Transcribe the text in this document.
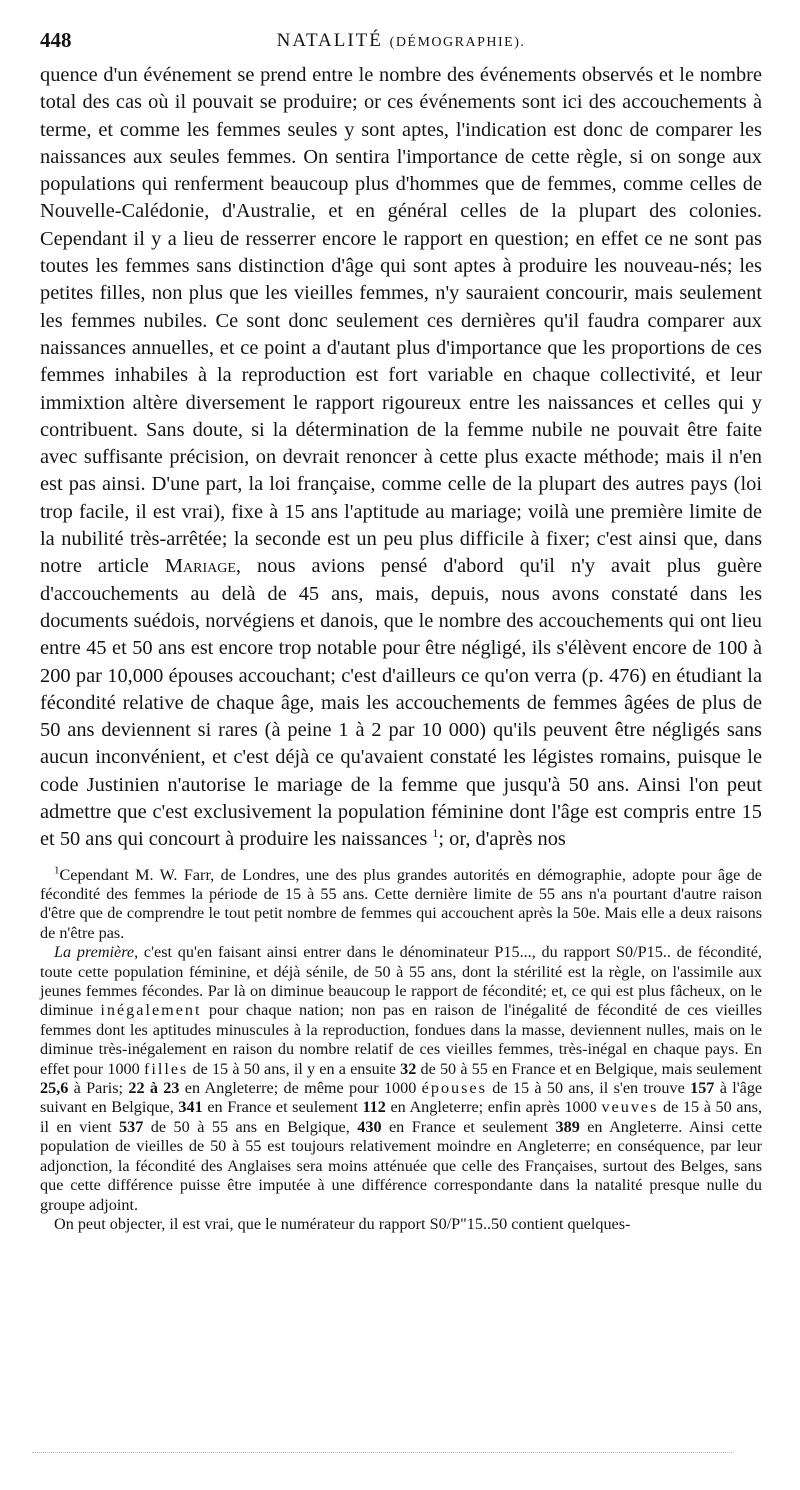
448	NATALITÉ (DÉMOGRAPHIE).

quence d'un événement se prend entre le nombre des événements observés et le nombre total des cas où il pouvait se produire; or ces événements sont ici des accouchements à terme, et comme les femmes seules y sont aptes, l'indication est donc de comparer les naissances aux seules femmes. On sentira l'importance de cette règle, si on songe aux populations qui renferment beaucoup plus d'hommes que de femmes, comme celles de Nouvelle-Calédonie, d'Australie, et en général celles de la plupart des colonies. Cependant il y a lieu de resserrer encore le rapport en question; en effet ce ne sont pas toutes les femmes sans distinction d'âge qui sont aptes à produire les nouveau-nés; les petites filles, non plus que les vieilles femmes, n'y sauraient concourir, mais seulement les femmes nubiles. Ce sont donc seulement ces dernières qu'il faudra comparer aux naissances annuelles, et ce point a d'autant plus d'importance que les proportions de ces femmes inhabiles à la reproduction est fort variable en chaque collectivité, et leur immixtion altère diversement le rapport rigoureux entre les naissances et celles qui y contribuent. Sans doute, si la détermination de la femme nubile ne pouvait être faite avec suffisante précision, on devrait renoncer à cette plus exacte méthode; mais il n'en est pas ainsi. D'une part, la loi française, comme celle de la plupart des autres pays (loi trop facile, il est vrai), fixe à 15 ans l'aptitude au mariage; voilà une première limite de la nubilité très-arrêtée; la seconde est un peu plus difficile à fixer; c'est ainsi que, dans notre article Mariage, nous avions pensé d'abord qu'il n'y avait plus guère d'accouchements au delà de 45 ans, mais, depuis, nous avons constaté dans les documents suédois, norvégiens et danois, que le nombre des accouchements qui ont lieu entre 45 et 50 ans est encore trop notable pour être négligé, ils s'élèvent encore de 100 à 200 par 10,000 épouses accouchant; c'est d'ailleurs ce qu'on verra (p. 476) en étudiant la fécondité relative de chaque âge, mais les accouchements de femmes âgées de plus de 50 ans deviennent si rares (à peine 1 à 2 par 10 000) qu'ils peuvent être négligés sans aucun inconvénient, et c'est déjà ce qu'avaient constaté les légistes romains, puisque le code Justinien n'autorise le mariage de la femme que jusqu'à 50 ans. Ainsi l'on peut admettre que c'est exclusivement la population féminine dont l'âge est compris entre 15 et 50 ans qui concourt à produire les naissances $^1$; or, d'après nos

$^1$Cependant M. W. Farr, de Londres, une des plus grandes autorités en démographie, adopte pour âge de fécondité des femmes la période de 15 à 55 ans. Cette dernière limite de 55 ans n'a pourtant d'autre raison d'être que de comprendre le tout petit nombre de femmes qui accouchent après la 50e. Mais elle a deux raisons de n'être pas.

La première, c'est qu'en faisant ainsi entrer dans le dénominateur P15..., du rapport S0/P15.. de fécondité, toute cette population féminine, et déjà sénile, de 50 à 55 ans, dont la stérilité est la règle, on l'assimile aux jeunes femmes fécondes. Par là on diminue beaucoup le rapport de fécondité; et, ce qui est plus fâcheux, on le diminue inégalement pour chaque nation; non pas en raison de l'inégalité de fécondité de ces vieilles femmes dont les aptitudes minuscules à la reproduction, fondues dans la masse, deviennent nulles, mais on le diminue très-inégalement en raison du nombre relatif de ces vieilles femmes, très-inégal en chaque pays. En effet pour 1000 filles de 15 à 50 ans, il y en a ensuite 32 de 50 à 55 en France et en Belgique, mais seulement 25,6 à Paris; 22 à 23 en Angleterre; de même pour 1000 épouses de 15 à 50 ans, il s'en trouve 157 à l'âge suivant en Belgique, 341 en France et seulement 112 en Angleterre; enfin après 1000 veuves de 15 à 50 ans, il en vient 537 de 50 à 55 ans en Belgique, 430 en France et seulement 389 en Angleterre. Ainsi cette population de vieilles de 50 à 55 est toujours relativement moindre en Angleterre; en conséquence, par leur adjonction, la fécondité des Anglaises sera moins atténuée que celle des Françaises, surtout des Belges, sans que cette différence puisse être imputée à une différence correspondante dans la natalité presque nulle du groupe adjoint.

On peut objecter, il est vrai, que le numérateur du rapport S0/P"15..50 contient quelques-
